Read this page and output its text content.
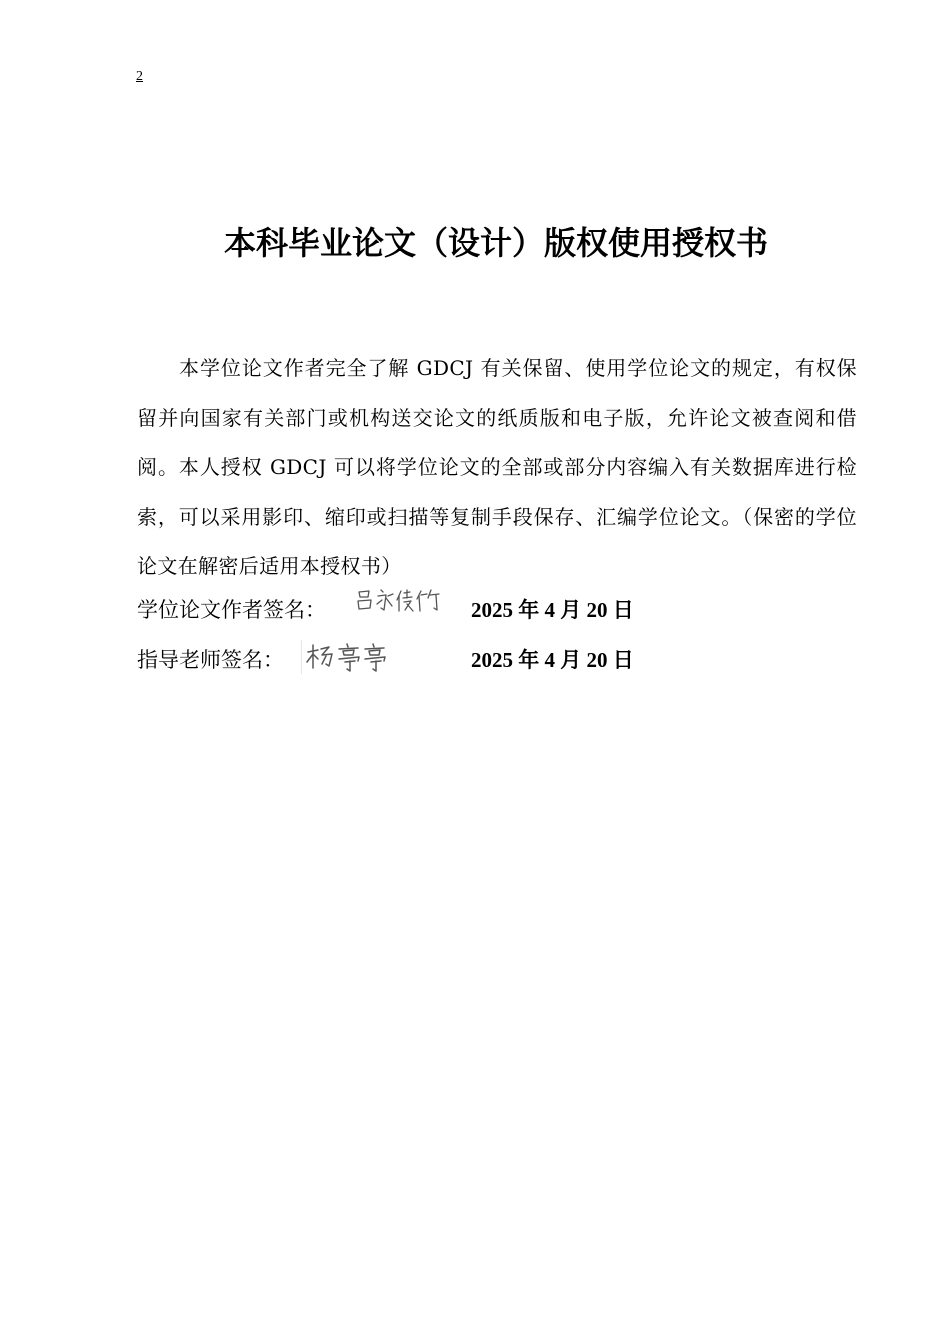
2
本科毕业论文（设计）版权使用授权书
本学位论文作者完全了解 GDCJ 有关保留、使用学位论文的规定，有权保留并向国家有关部门或机构送交论文的纸质版和电子版，允许论文被查阅和借阅。本人授权 GDCJ 可以将学位论文的全部或部分内容编入有关数据库进行检索，可以采用影印、缩印或扫描等复制手段保存、汇编学位论文。（保密的学位论文在解密后适用本授权书）
学位论文作者签名：	2025 年 4 月 20 日
指导老师签名：	2025 年 4 月 20 日
